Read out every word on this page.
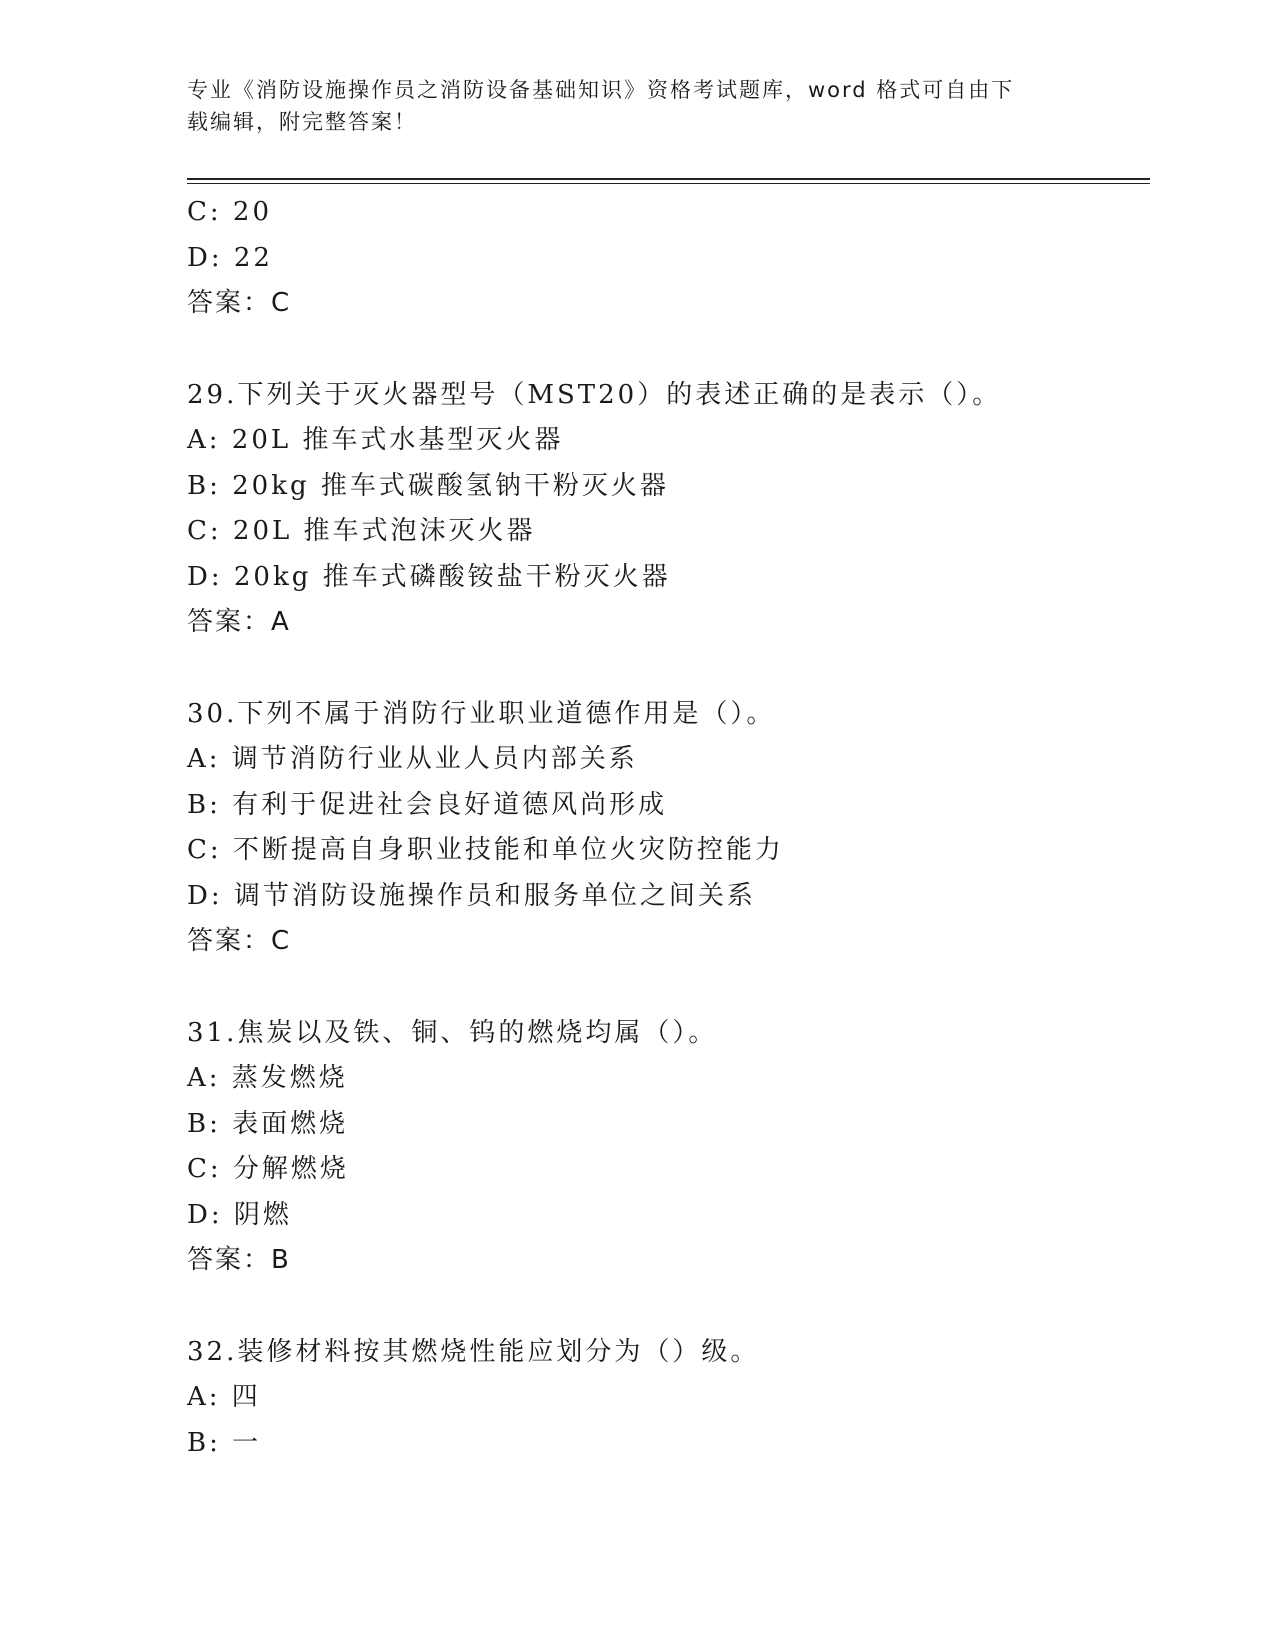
专业《消防设施操作员之消防设备基础知识》资格考试题库，word 格式可自由下
载编辑，附完整答案！
C: 20
D: 22
答案：C
29.下列关于灭火器型号（MST20）的表述正确的是表示（）。
A: 20L 推车式水基型灭火器
B: 20kg 推车式碳酸氢钠干粉灭火器
C: 20L 推车式泡沫灭火器
D: 20kg 推车式磷酸铵盐干粉灭火器
答案：A
30.下列不属于消防行业职业道德作用是（）。
A: 调节消防行业从业人员内部关系
B: 有利于促进社会良好道德风尚形成
C: 不断提高自身职业技能和单位火灾防控能力
D: 调节消防设施操作员和服务单位之间关系
答案：C
31.焦炭以及铁、铜、钨的燃烧均属（）。
A: 蒸发燃烧
B: 表面燃烧
C: 分解燃烧
D: 阴燃
答案：B
32.装修材料按其燃烧性能应划分为（）级。
A: 四
B: 一
